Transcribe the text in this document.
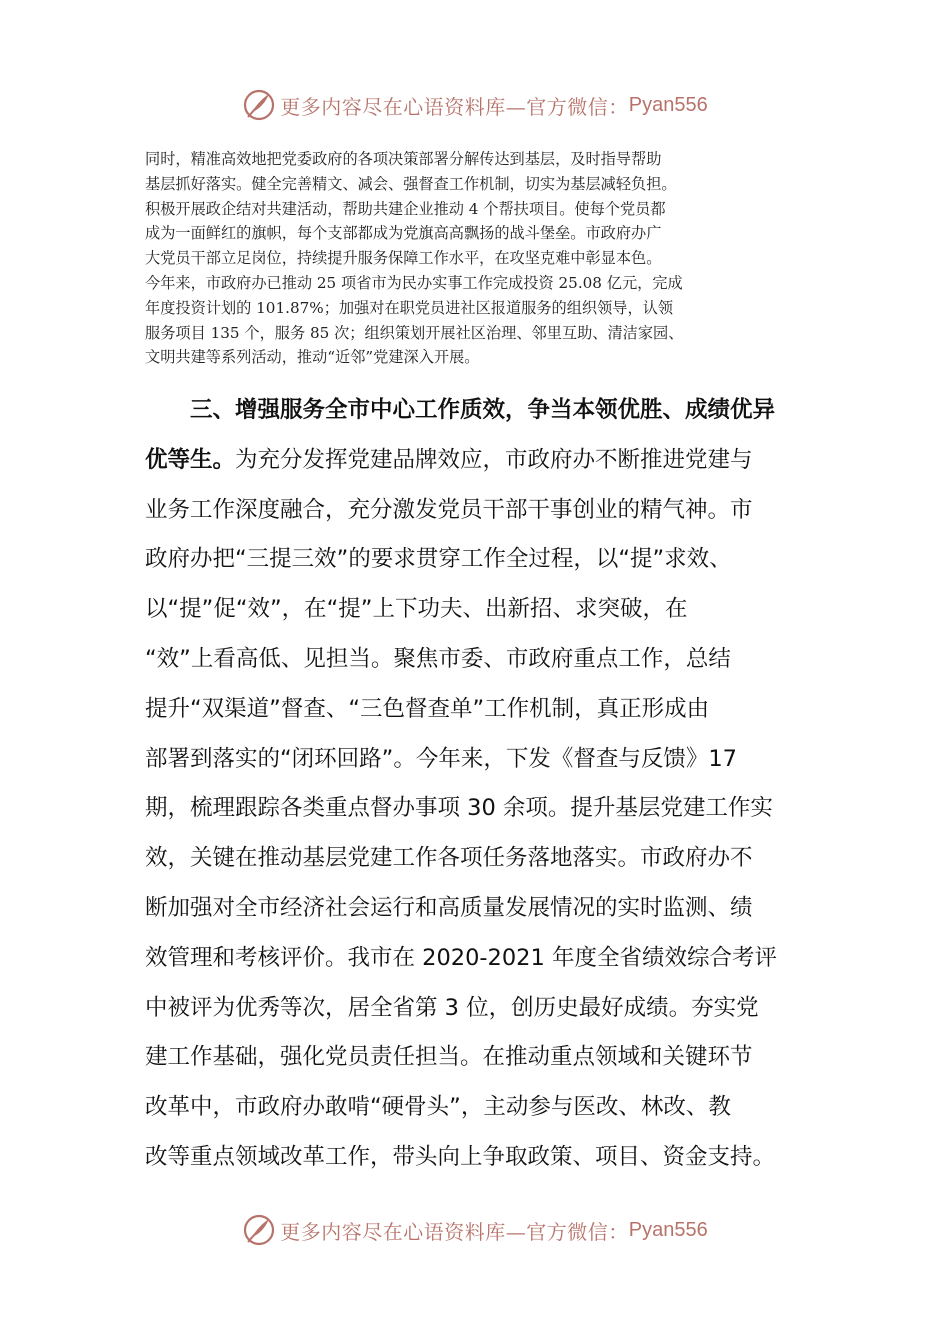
更多内容尽在心语资料库—官方微信： Pyan556
同时，精准高效地把党委政府的各项决策部署分解传达到基层，及时指导帮助
基层抓好落实。健全完善精文、减会、强督查工作机制，切实为基层减轻负担。
积极开展政企结对共建活动，帮助共建企业推动 4 个帮扶项目。使每个党员都
成为一面鲜红的旗帜，每个支部都成为党旗高高飘扬的战斗堡垒。市政府办广
大党员干部立足岗位，持续提升服务保障工作水平，在攻坚克难中彰显本色。
今年来，市政府办已推动 25 项省市为民办实事工作完成投资 25.08 亿元，完成
年度投资计划的 101.87%；加强对在职党员进社区报道服务的组织领导，认领
服务项目 135 个，服务 85 次；组织策划开展社区治理、邻里互助、清洁家园、
文明共建等系列活动，推动“近邻”党建深入开展。
三、增强服务全市中心工作质效，争当本领优胜、成绩优异
优等生。为充分发挥党建品牌效应，市政府办不断推进党建与
业务工作深度融合，充分激发党员干部干事创业的精气神。市
政府办把“三提三效”的要求贯穿工作全过程，以“提”求效、
以“提”促“效”，在“提”上下功夫、出新招、求突破，在
“效”上看高低、见担当。聚焦市委、市政府重点工作，总结
提升“双渠道”督查、“三色督查单”工作机制，真正形成由
部署到落实的“闭环回路”。今年来，下发《督查与反馈》17
期，梳理跟踪各类重点督办事项 30 余项。提升基层党建工作实
效，关键在推动基层党建工作各项任务落地落实。市政府办不
断加强对全市经济社会运行和高质量发展情况的实时监测、绩
效管理和考核评价。我市在 2020-2021 年度全省绩效综合考评
中被评为优秀等次，居全省第 3 位，创历史最好成绩。夯实党
建工作基础，强化党员责任担当。在推动重点领域和关键环节
改革中，市政府办敢啃“硬骨头”，主动参与医改、林改、教
改等重点领域改革工作，带头向上争取政策、项目、资金支持。
更多内容尽在心语资料库—官方微信： Pyan556
